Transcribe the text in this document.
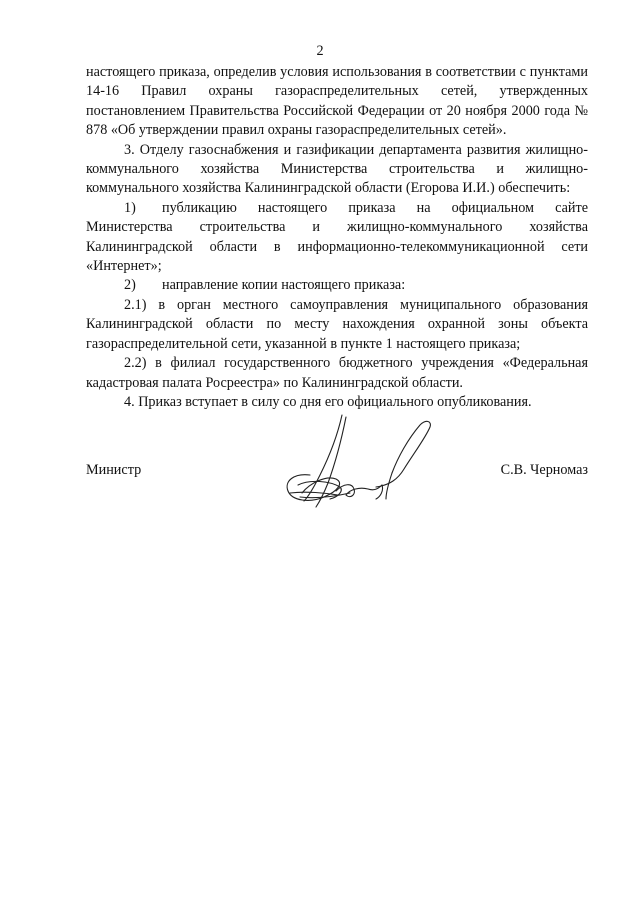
2

настоящего приказа, определив условия использования в соответствии с пунктами 14-16 Правил охраны газораспределительных сетей, утвержденных постановлением Правительства Российской Федерации от 20 ноября 2000 года № 878 «Об утверждении правил охраны газораспределительных сетей».

3. Отделу газоснабжения и газификации департамента развития жилищно-коммунального хозяйства Министерства строительства и жилищно-коммунального хозяйства Калининградской области (Егорова И.И.) обеспечить:

1) публикацию настоящего приказа на официальном сайте Министерства строительства и жилищно-коммунального хозяйства Калининградской области в информационно-телекоммуникационной сети «Интернет»;

2) направление копии настоящего приказа:

2.1) в орган местного самоуправления муниципального образования Калининградской области по месту нахождения охранной зоны объекта газораспределительной сети, указанной в пункте 1 настоящего приказа;

2.2) в филиал государственного бюджетного учреждения «Федеральная кадастровая палата Росреестра» по Калининградской области.

4. Приказ вступает в силу со дня его официального опубликования.

Министр	С.В. Черномаз
